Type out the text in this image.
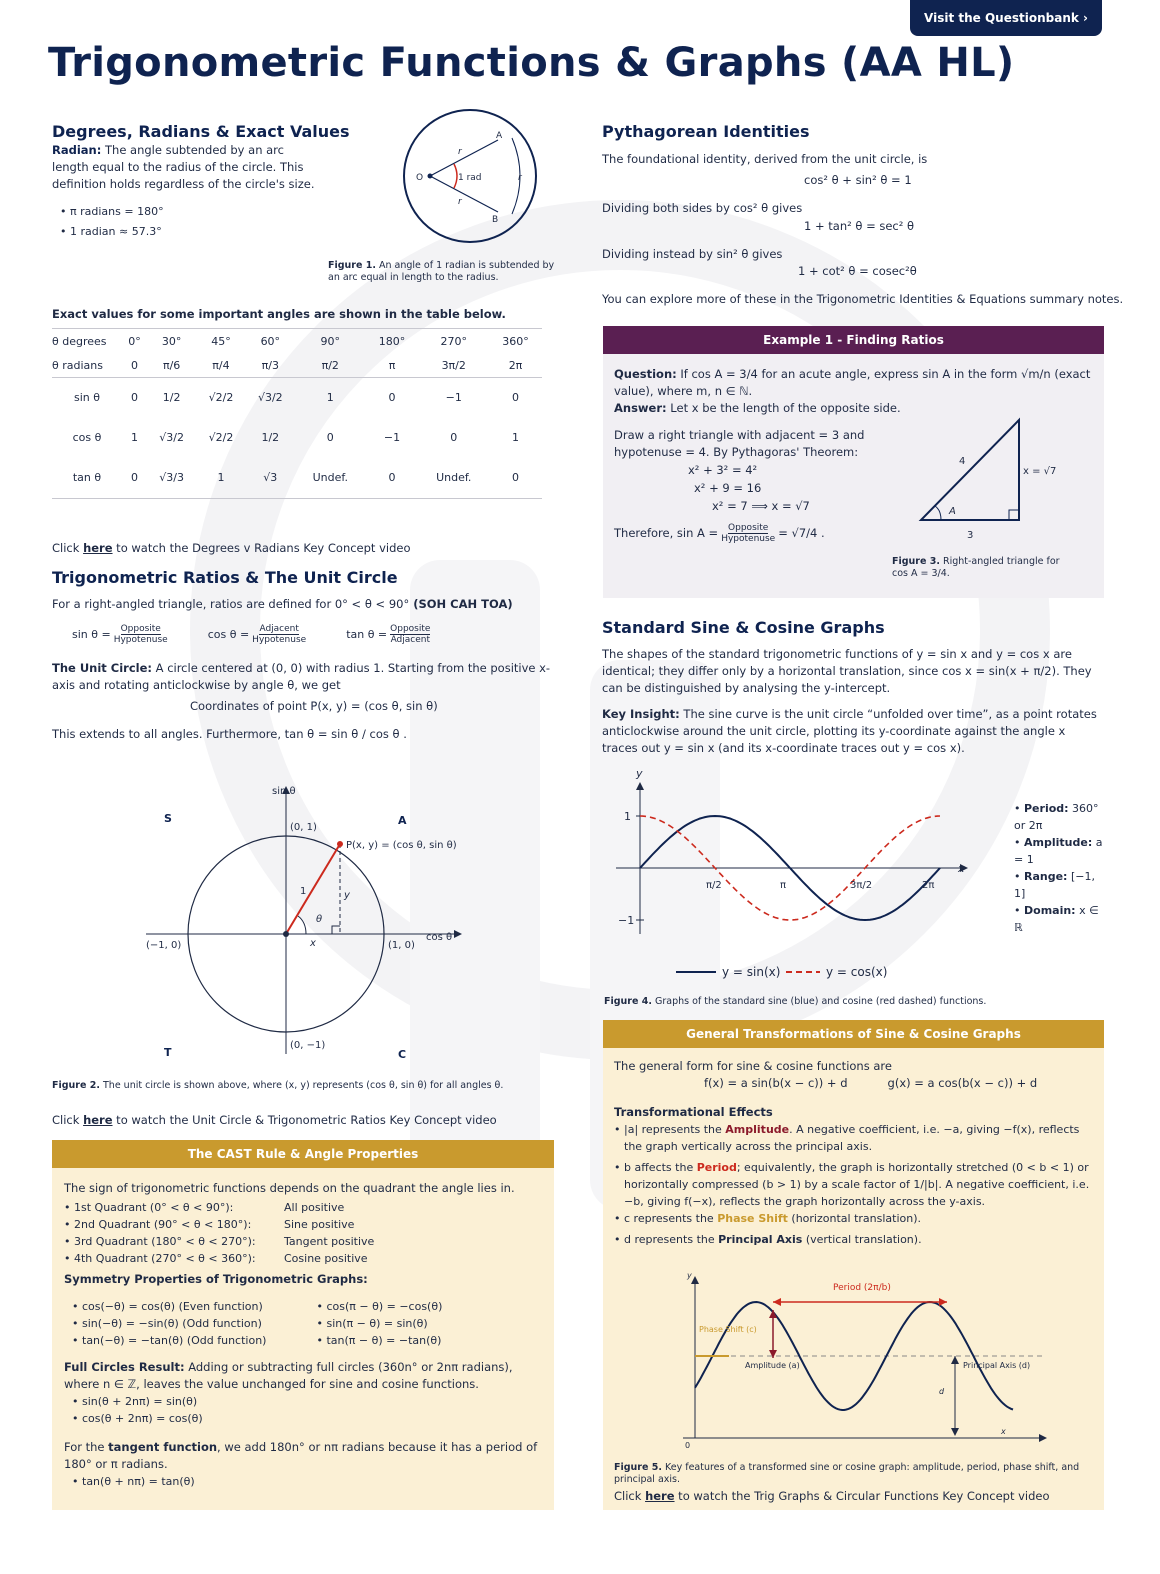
Visit the Questionbank ›
Trigonometric Functions & Graphs (AA HL)
Degrees, Radians & Exact Values

Radian: The angle subtended by an arc length equal to the radius of the circle. This definition holds regardless of the circle's size.

• π radians = 180°
• 1 radian ≈ 57.3°
O
A
B
r
r
r
1 rad

Figure 1. An angle of 1 radian is subtended by an arc equal in length to the radius.

Exact values for some important angles are shown in the table below.

θ degrees	0°	30°	45°	60°	90°	180°	270°	360°
θ radians	0	π/6	π/4	π/3	π/2	π	3π/2	2π
sin θ	0	1/2	√2/2	√3/2	1	0	−1	0
cos θ	1	√3/2	√2/2	1/2	0	−1	0	1
tan θ	0	√3/3	1	√3	Undef.	0	Undef.	0

Click here to watch the Degrees v Radians Key Concept video

Trigonometric Ratios & The Unit Circle

For a right-angled triangle, ratios are defined for 0° < θ < 90° (SOH CAH TOA)

sin θ = Opposite
Hypotenuse	cos θ = Adjacent
Hypotenuse	tan θ = Opposite
Adjacent

The Unit Circle: A circle centered at (0, 0) with radius 1. Starting from the positive x-axis and rotating anticlockwise by angle θ, we get

Coordinates of point P(x, y) = (cos θ, sin θ)

This extends to all angles. Furthermore, tan θ = sin θ / cos θ .

S	A
T	C
sin θ
cos θ
(0, 1)
(0, −1)
(−1, 0)	(1, 0)
P(x, y) = (cos θ, sin θ)
1
x
y
θ

Figure 2. The unit circle is shown above, where (x, y) represents (cos θ, sin θ) for all angles θ.

Click here to watch the Unit Circle & Trigonometric Ratios Key Concept video

The CAST Rule & Angle Properties

The sign of trigonometric functions depends on the quadrant the angle lies in.

• 1st Quadrant (0° < θ < 90°):	All positive
• 2nd Quadrant (90° < θ < 180°):	Sine positive
• 3rd Quadrant (180° < θ < 270°):	Tangent positive
• 4th Quadrant (270° < θ < 360°):	Cosine positive

Symmetry Properties of Trigonometric Graphs:

• cos(−θ) = cos(θ) (Even function)
• sin(−θ) = −sin(θ) (Odd function)
• tan(−θ) = −tan(θ) (Odd function)
• cos(π − θ) = −cos(θ)
• sin(π − θ) = sin(θ)
• tan(π − θ) = −tan(θ)

Full Circles Result: Adding or subtracting full circles (360n° or 2nπ radians), where n ∈ ℤ, leaves the value unchanged for sine and cosine functions.

• sin(θ + 2nπ) = sin(θ)
• cos(θ + 2nπ) = cos(θ)

For the tangent function, we add 180n° or nπ radians because it has a period of 180° or π radians.

• tan(θ + nπ) = tan(θ)
Pythagorean Identities

The foundational identity, derived from the unit circle, is

cos² θ + sin² θ = 1

Dividing both sides by cos² θ gives

1 + tan² θ = sec² θ

Dividing instead by sin² θ gives

1 + cot² θ = cosec²θ

You can explore more of these in the Trigonometric Identities & Equations summary notes.

Example 1 - Finding Ratios

Question: If cos A = 3/4 for an acute angle, express sin A in the form √m/n (exact value), where m, n ∈ ℕ.

Answer: Let x be the length of the opposite side.

Draw a right triangle with adjacent = 3 and hypotenuse = 4. By Pythagoras' Theorem:

x² + 3² = 4²
x² + 9 = 16
x² = 7 ⟹ x = √7
Therefore, sin A = Opposite
Hypotenuse = √7/4 .
4
x = √7
3
A

Figure 3. Right-angled triangle for cos A = 3/4.

Standard Sine & Cosine Graphs

The shapes of the standard trigonometric functions of y = sin x and y = cos x are identical; they differ only by a horizontal translation, since cos x = sin(x + π/2). They can be distinguished by analysing the y-intercept.

Key Insight: The sine curve is the unit circle “unfolded over time”, as a point rotates anticlockwise around the unit circle, plotting its y-coordinate against the angle x traces out y = sin x (and its x-coordinate traces out y = cos x).

y
x
1
−1
π/2	π	3π/2	2π
y = sin(x)	y = cos(x)
• Period: 360° or 2π
• Amplitude: a = 1
• Range: [−1, 1]
• Domain: x ∈ ℝ

Figure 4. Graphs of the standard sine (blue) and cosine (red dashed) functions.

General Transformations of Sine & Cosine Graphs

The general form for sine & cosine functions are

f(x) = a sin(b(x − c)) + d	g(x) = a cos(b(x − c)) + d

Transformational Effects

• |a| represents the Amplitude. A negative coefficient, i.e. −a, giving −f(x), reflects the graph vertically across the principal axis.
• b affects the Period; equivalently, the graph is horizontally stretched (0 < b < 1) or horizontally compressed (b > 1) by a scale factor of 1/|b|. A negative coefficient, i.e. −b, giving f(−x), reflects the graph horizontally across the y-axis.
• c represents the Phase Shift (horizontal translation).
• d represents the Principal Axis (vertical translation).
y
x
0
Period (2π/b)
Phase Shift (c)
Amplitude (a)	Principal Axis (d)
d

Figure 5. Key features of a transformed sine or cosine graph: amplitude, period, phase shift, and principal axis.

Click here to watch the Trig Graphs & Circular Functions Key Concept video
